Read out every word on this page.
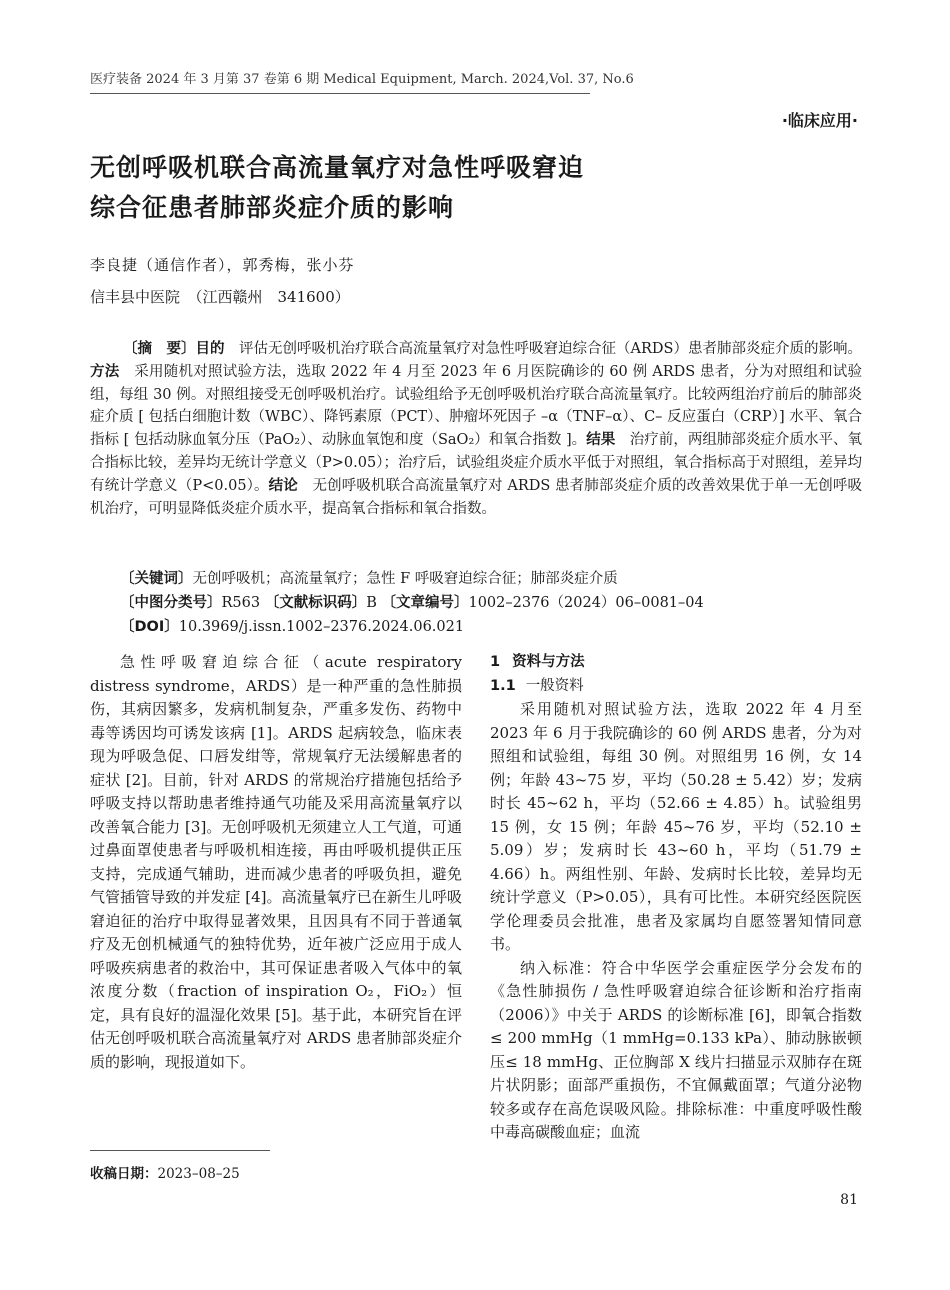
医疗装备 2024 年 3 月第 37 卷第 6 期 Medical Equipment, March. 2024,Vol. 37, No.6
·临床应用·
无创呼吸机联合高流量氧疗对急性呼吸窘迫
综合征患者肺部炎症介质的影响
李良捷（通信作者），郭秀梅，张小芬
信丰县中医院　（江西赣州　341600）

〔摘　要〕目的　评估无创呼吸机治疗联合高流量氧疗对急性呼吸窘迫综合征（ARDS）患者肺部炎症介质的影响。方法　采用随机对照试验方法，选取 2022 年 4 月至 2023 年 6 月医院确诊的 60 例 ARDS 患者，分为对照组和试验组，每组 30 例。对照组接受无创呼吸机治疗。试验组给予无创呼吸机治疗联合高流量氧疗。比较两组治疗前后的肺部炎症介质 [ 包括白细胞计数（WBC）、降钙素原（PCT）、肿瘤坏死因子 –α（TNF–α）、C– 反应蛋白（CRP）] 水平、氧合指标 [ 包括动脉血氧分压（PaO₂）、动脉血氧饱和度（SaO₂）和氧合指数 ]。结果　治疗前，两组肺部炎症介质水平、氧合指标比较，差异均无统计学意义（P>0.05）；治疗后，试验组炎症介质水平低于对照组，氧合指标高于对照组，差异均有统计学意义（P<0.05）。结论　无创呼吸机联合高流量氧疗对 ARDS 患者肺部炎症介质的改善效果优于单一无创呼吸机治疗，可明显降低炎症介质水平，提高氧合指标和氧合指数。

〔关键词〕无创呼吸机；高流量氧疗；急性 F 呼吸窘迫综合征；肺部炎症介质
〔中图分类号〕R563 〔文献标识码〕B 〔文章编号〕1002–2376（2024）06–0081–04
〔DOI〕10.3969/j.issn.1002–2376.2024.06.021

急性呼吸窘迫综合征（acute respiratory distress syndrome，ARDS）是一种严重的急性肺损伤，其病因繁多，发病机制复杂，严重多发伤、药物中毒等诱因均可诱发该病 [1]。ARDS 起病较急，临床表现为呼吸急促、口唇发绀等，常规氧疗无法缓解患者的症状 [2]。目前，针对 ARDS 的常规治疗措施包括给予呼吸支持以帮助患者维持通气功能及采用高流量氧疗以改善氧合能力 [3]。无创呼吸机无须建立人工气道，可通过鼻面罩使患者与呼吸机相连接，再由呼吸机提供正压支持，完成通气辅助，进而减少患者的呼吸负担，避免气管插管导致的并发症 [4]。高流量氧疗已在新生儿呼吸窘迫征的治疗中取得显著效果，且因具有不同于普通氧疗及无创机械通气的独特优势，近年被广泛应用于成人呼吸疾病患者的救治中，其可保证患者吸入气体中的氧浓度分数（fraction of inspiration O₂，FiO₂）恒定，具有良好的温湿化效果 [5]。基于此，本研究旨在评估无创呼吸机联合高流量氧疗对 ARDS 患者肺部炎症介质的影响，现报道如下。

1 资料与方法
1.1 一般资料

采用随机对照试验方法，选取 2022 年 4 月至 2023 年 6 月于我院确诊的 60 例 ARDS 患者，分为对照组和试验组，每组 30 例。对照组男 16 例，女 14 例；年龄 43~75 岁，平均（50.28 ± 5.42）岁；发病时长 45~62 h，平均（52.66 ± 4.85）h。试验组男 15 例，女 15 例；年龄 45~76 岁，平均（52.10 ± 5.09）岁；发病时长 43~60 h，平均（51.79 ± 4.66）h。两组性别、年龄、发病时长比较，差异均无统计学意义（P>0.05），具有可比性。本研究经医院医学伦理委员会批准，患者及家属均自愿签署知情同意书。

纳入标准：符合中华医学会重症医学分会发布的《急性肺损伤 / 急性呼吸窘迫综合征诊断和治疗指南（2006）》中关于 ARDS 的诊断标准 [6]，即氧合指数≤ 200 mmHg（1 mmHg=0.133 kPa）、肺动脉嵌顿压≤ 18 mmHg、正位胸部 X 线片扫描显示双肺存在斑片状阴影；面部严重损伤，不宜佩戴面罩；气道分泌物较多或存在高危误吸风险。排除标准：中重度呼吸性酸中毒高碳酸血症；血流

收稿日期：2023–08–25
81
